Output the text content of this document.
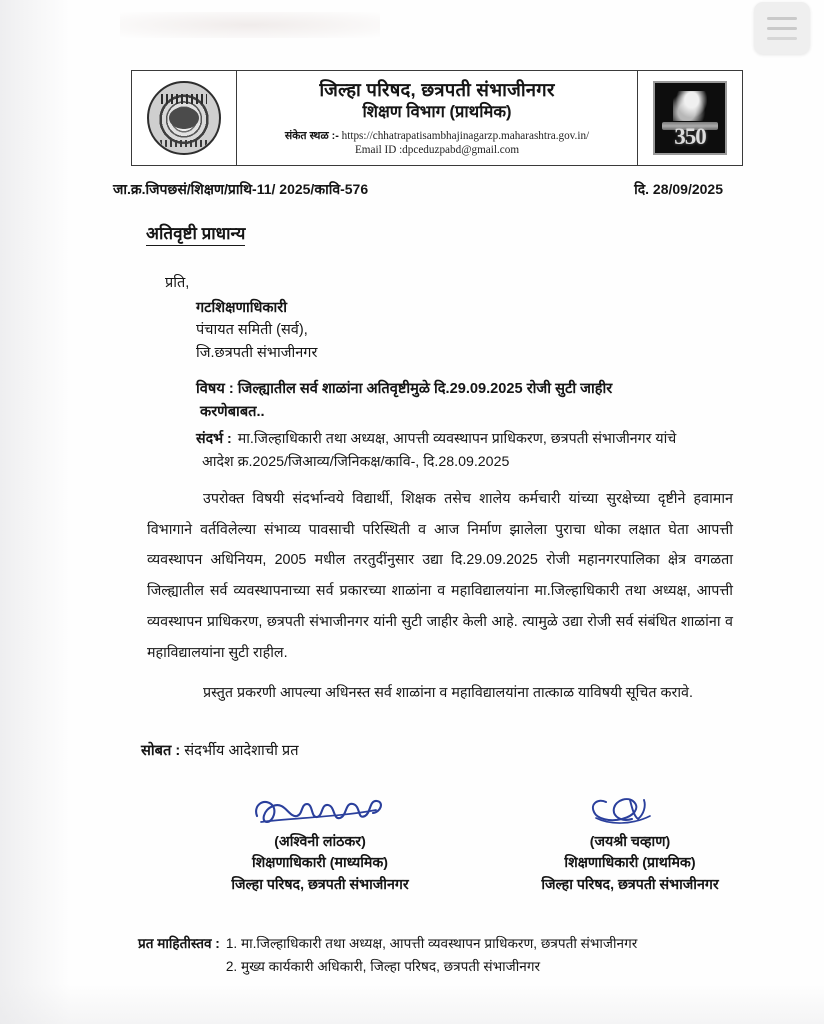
जिल्हा परिषद, छत्रपती संभाजीनगर
शिक्षण विभाग (प्राथमिक)
संकेत स्थळ :- https://chhatrapatisambhajinagarzp.maharashtra.gov.in/
Email ID :dpceduzpabd@gmail.com
350
जा.क्र.जिपछसं/शिक्षण/प्राथि-11/ 2025/कावि-576	दि. 28/09/2025
अतिवृष्टी प्राधान्य
प्रति,
गटशिक्षणाधिकारी
पंचायत समिती (सर्व),
जि.छत्रपती संभाजीनगर
विषय : जिल्ह्यातील सर्व शाळांना अतिवृष्टीमुळे दि.29.09.2025 रोजी सुटी जाहीर
करणेबाबत..
संदर्भ : मा.जिल्हाधिकारी तथा अध्यक्ष, आपत्ती व्यवस्थापन प्राधिकरण, छत्रपती संभाजीनगर यांचे
आदेश क्र.2025/जिआव्य/जिनिकक्ष/कावि-, दि.28.09.2025
उपरोक्त विषयी संदर्भान्वये विद्यार्थी, शिक्षक तसेच शालेय कर्मचारी यांच्या सुरक्षेच्या दृष्टीने हवामान विभागाने वर्तविलेल्या संभाव्य पावसाची परिस्थिती व आज निर्माण झालेला पुराचा धोका लक्षात घेता आपत्ती व्यवस्थापन अधिनियम, 2005 मधील तरतुदींनुसार उद्या दि.29.09.2025 रोजी महानगरपालिका क्षेत्र वगळता जिल्ह्यातील सर्व व्यवस्थापनाच्या सर्व प्रकारच्या शाळांना व महाविद्यालयांना मा.जिल्हाधिकारी तथा अध्यक्ष, आपत्ती व्यवस्थापन प्राधिकरण, छत्रपती संभाजीनगर यांनी सुटी जाहीर केली आहे. त्यामुळे उद्या रोजी सर्व संबंधित शाळांना व महाविद्यालयांना सुटी राहील.
प्रस्तुत प्रकरणी आपल्या अधिनस्त सर्व शाळांना व महाविद्यालयांना तात्काळ याविषयी सूचित करावे.
सोबत : संदर्भीय आदेशाची प्रत
(अश्विनी लांठकर)
शिक्षणाधिकारी (माध्यमिक)
जिल्हा परिषद, छत्रपती संभाजीनगर
(जयश्री चव्हाण)
शिक्षणाधिकारी (प्राथमिक)
जिल्हा परिषद, छत्रपती संभाजीनगर
प्रत माहितीस्तव : 1. मा.जिल्हाधिकारी तथा अध्यक्ष, आपत्ती व्यवस्थापन प्राधिकरण, छत्रपती संभाजीनगर
2. मुख्य कार्यकारी अधिकारी, जिल्हा परिषद, छत्रपती संभाजीनगर
